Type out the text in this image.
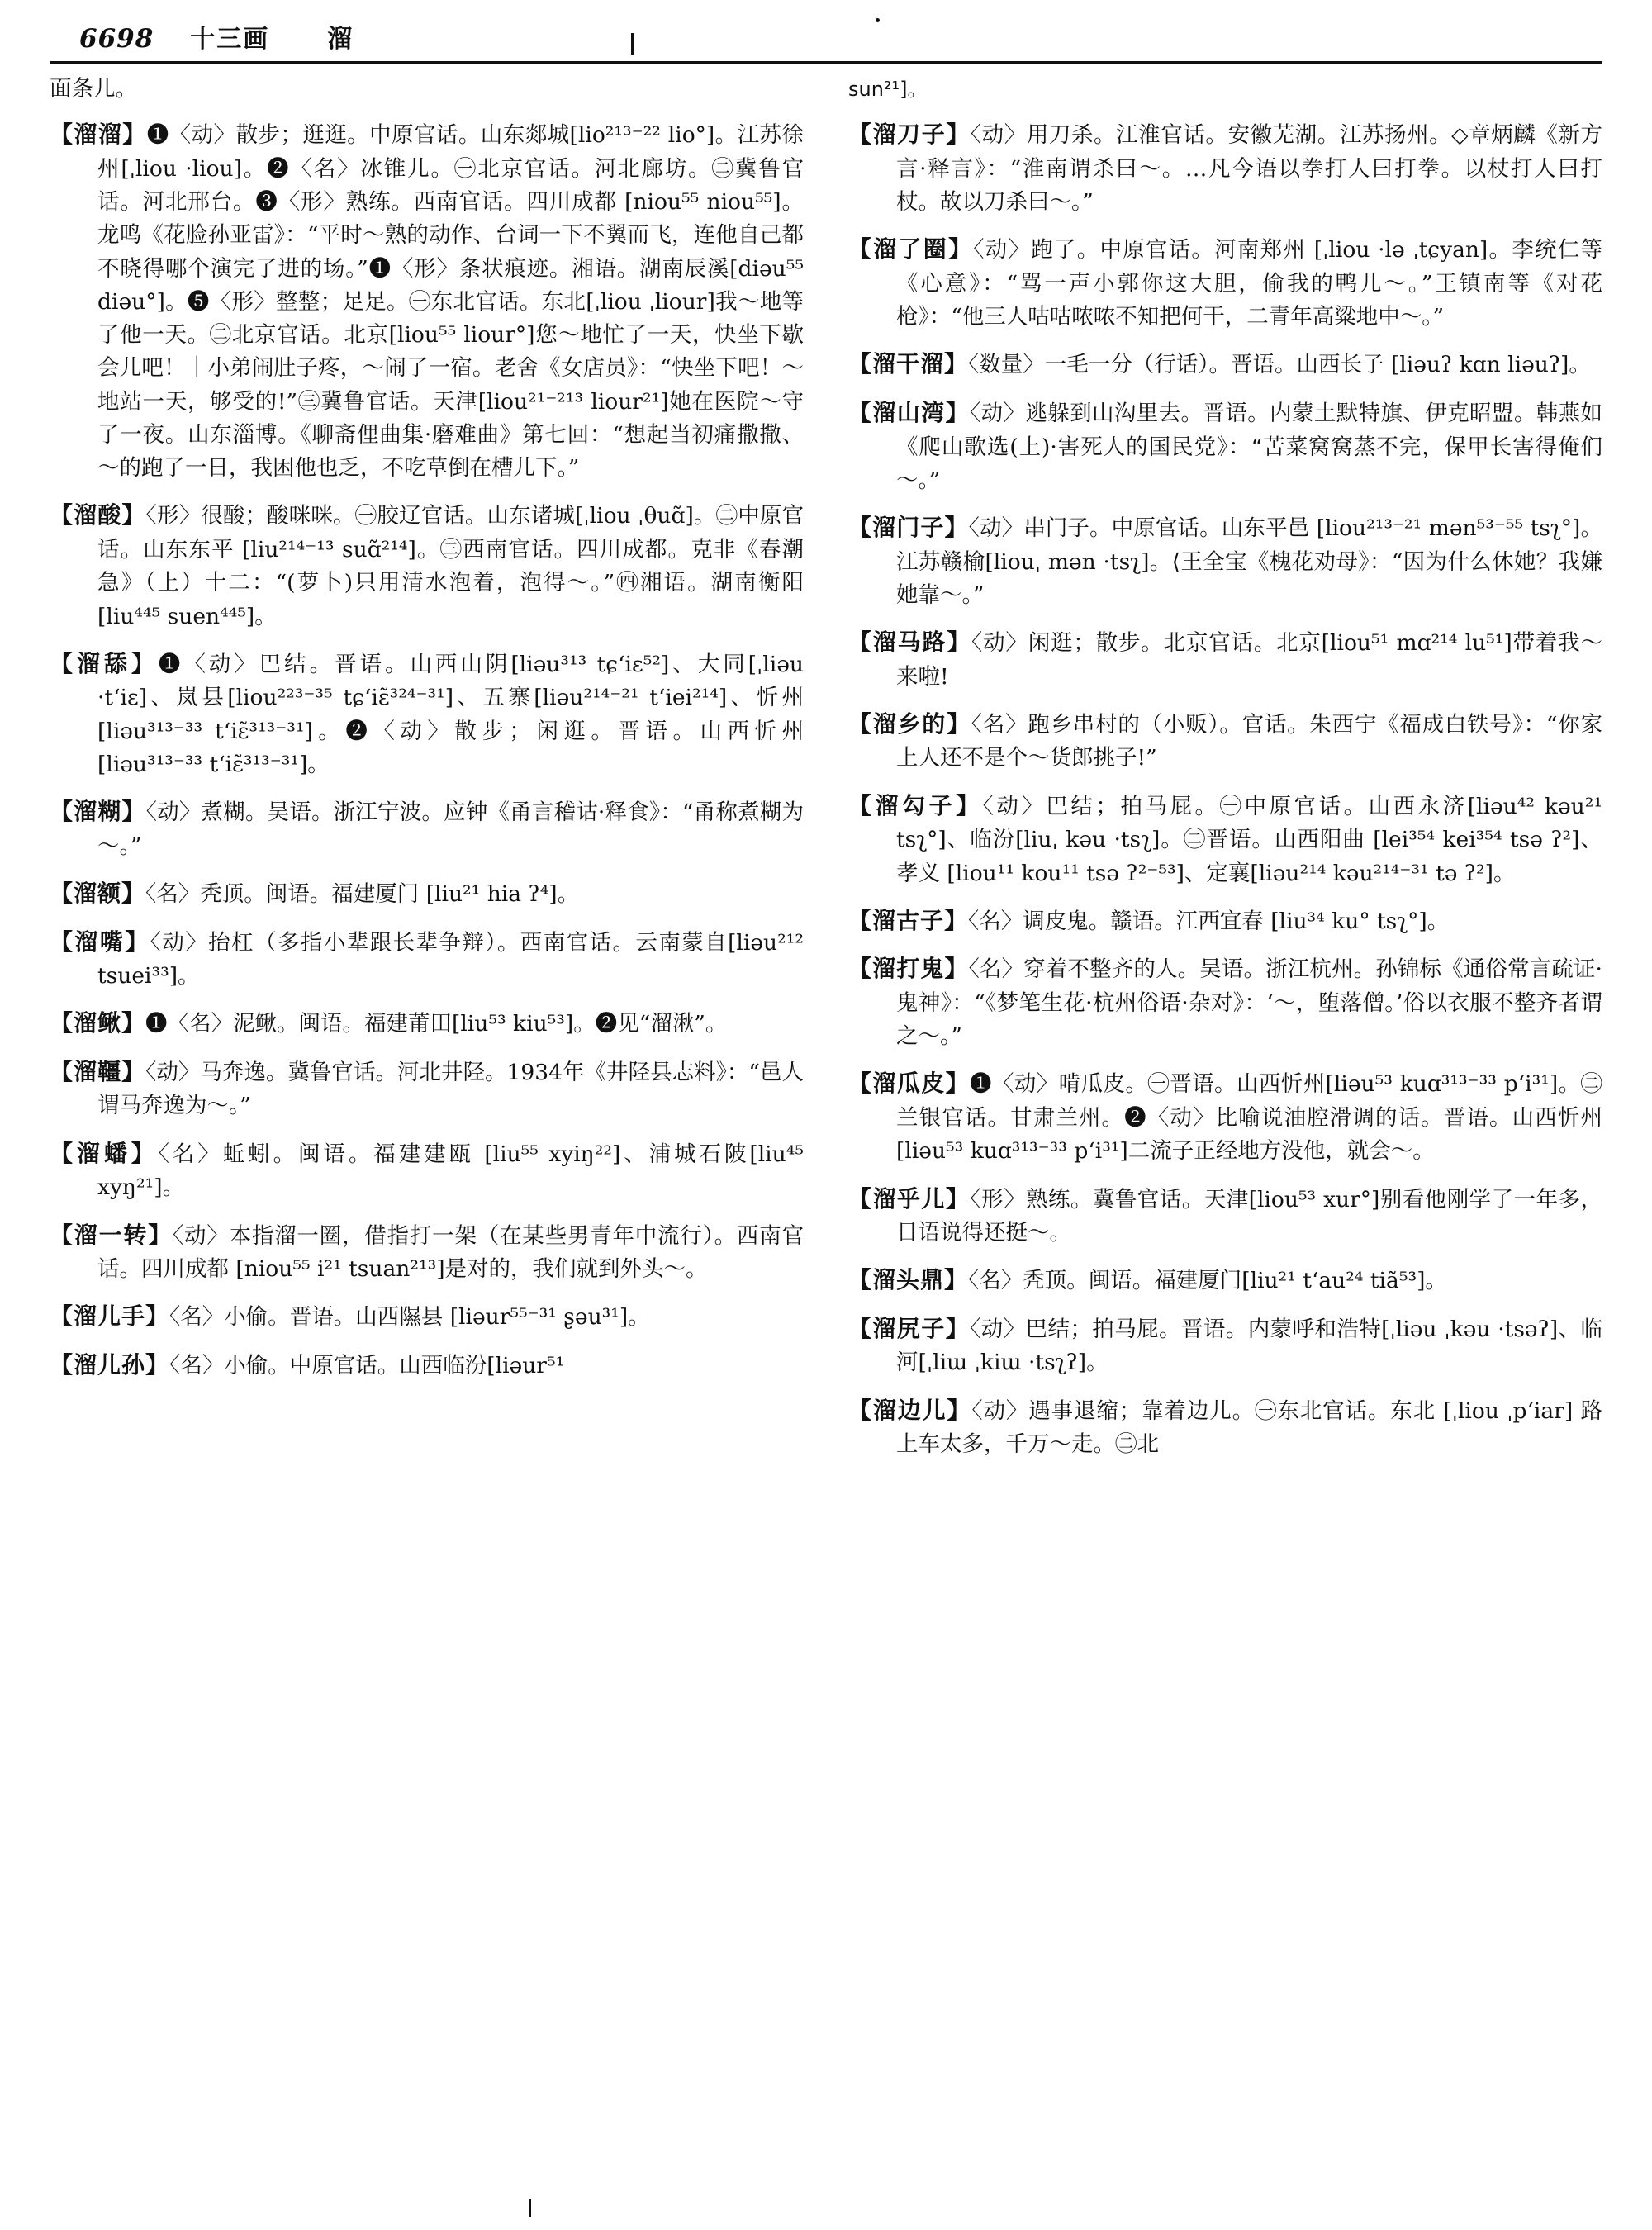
6698 十三画 溜

面条儿。

【溜溜】❶〈动〉散步；逛逛。中原官话。山东郯城[lio²¹³⁻²² lio°]。江苏徐州[ˌliou ·liou]。❷〈名〉冰锥儿。㊀北京官话。河北廊坊。㊁冀鲁官话。河北邢台。❸〈形〉熟练。西南官话。四川成都 [niou⁵⁵ niou⁵⁵]。龙鸣《花脸孙亚雷》：“平时～熟的动作、台词一下不翼而飞，连他自己都不晓得哪个演完了进的场。”❶〈形〉条状痕迹。湘语。湖南辰溪[diəu⁵⁵ diəu°]。❺〈形〉整整；足足。㊀东北官话。东北[ˌliou ˌliour]我～地等了他一天。㊁北京官话。北京[liou⁵⁵ liour°]您～地忙了一天，快坐下歇会儿吧！｜小弟闹肚子疼，～闹了一宿。老舍《女店员》：“快坐下吧！～地站一天，够受的!”㊂冀鲁官话。天津[liou²¹⁻²¹³ liour²¹]她在医院～守了一夜。山东淄博。《聊斋俚曲集·磨难曲》第七回：“想起当初痛撒撒、～的跑了一日，我困他也乏，不吃草倒在槽儿下。”

【溜酸】〈形〉很酸；酸咪咪。㊀胶辽官话。山东诸城[ˌliou ˌθuɑ̃]。㊁中原官话。山东东平 [liu²¹⁴⁻¹³ suɑ̃²¹⁴]。㊂西南官话。四川成都。克非《春潮急》（上）十二：“(萝卜)只用清水泡着，泡得～。”㊃湘语。湖南衡阳[liu⁴⁴⁵ suen⁴⁴⁵]。

【溜舔】❶〈动〉巴结。晋语。山西山阴[liəu³¹³ tɕ‘iɛ⁵²]、大同[ˌliəu ·t‘iɛ]、岚县[liou²²³⁻³⁵ tɕ‘iɛ̃³²⁴⁻³¹]、五寨[liəu²¹⁴⁻²¹ t‘iei²¹⁴]、忻州[liəu³¹³⁻³³ t‘iɛ̃³¹³⁻³¹]。❷〈动〉散步；闲逛。晋语。山西忻州 [liəu³¹³⁻³³ t‘iɛ̃³¹³⁻³¹]。

【溜糊】〈动〉煮糊。吴语。浙江宁波。应钟《甬言稽诂·释食》：“甬称煮糊为～。”

【溜额】〈名〉秃顶。闽语。福建厦门 [liu²¹ hia ʔ⁴]。

【溜嘴】〈动〉抬杠（多指小辈跟长辈争辩）。西南官话。云南蒙自[liəu²¹² tsuei³³]。

【溜鳅】❶〈名〉泥鳅。闽语。福建莆田[liu⁵³ kiu⁵³]。❷见“溜湫”。

【溜韁】〈动〉马奔逸。冀鲁官话。河北井陉。1934年《井陉县志料》：“邑人谓马奔逸为～。”

【溜蟠】〈名〉蚯蚓。闽语。福建建瓯 [liu⁵⁵ xyiŋ²²]、浦城石陂[liu⁴⁵ xyŋ²¹]。

【溜一转】〈动〉本指溜一圈，借指打一架（在某些男青年中流行）。西南官话。四川成都 [niou⁵⁵ i²¹ tsuan²¹³]是对的，我们就到外头～。

【溜儿手】〈名〉小偷。晋语。山西隰县 [liəur⁵⁵⁻³¹ ʂəu³¹]。

【溜儿孙】〈名〉小偷。中原官话。山西临汾[liəur⁵¹

sun²¹]。

【溜刀子】〈动〉用刀杀。江淮官话。安徽芜湖。江苏扬州。◇章炳麟《新方言·释言》：“淮南谓杀曰～。…凡今语以拳打人曰打拳。以杖打人曰打杖。故以刀杀曰～。”

【溜了圈】〈动〉跑了。中原官话。河南郑州 [ˌliou ·lə ˌtɕyan]。李统仁等《心意》：“骂一声小郭你这大胆，偷我的鸭儿～。”王镇南等《对花枪》：“他三人咕咕哝哝不知把何干，二青年高粱地中～。”

【溜干溜】〈数量〉一毛一分（行话）。晋语。山西长子 [liəuʔ kɑn liəuʔ]。

【溜山湾】〈动〉逃躲到山沟里去。晋语。内蒙土默特旗、伊克昭盟。韩燕如《爬山歌选(上)·害死人的国民党》：“苦菜窝窝蒸不完，保甲长害得俺们～。”

【溜门子】〈动〉串门子。中原官话。山东平邑 [liou²¹³⁻²¹ mən⁵³⁻⁵⁵ tsʅ°]。江苏赣榆[liouˌ mən ·tsʅ]。⟨王全宝《槐花劝母》：“因为什么休她？我嫌她靠～。”

【溜马路】〈动〉闲逛；散步。北京官话。北京[liou⁵¹ mɑ²¹⁴ lu⁵¹]带着我～来啦!

【溜乡的】〈名〉跑乡串村的（小贩）。官话。朱西宁《福成白铁号》：“你家上人还不是个～货郎挑子!”

【溜勾子】〈动〉巴结；拍马屁。㊀中原官话。山西永济[liəu⁴² kəu²¹ tsʅ°]、临汾[liuˌ kəu ·tsʅ]。㊁晋语。山西阳曲 [lei³⁵⁴ kei³⁵⁴ tsə ʔ²]、孝义 [liou¹¹ kou¹¹ tsə ʔ²⁻⁵³]、定襄[liəu²¹⁴ kəu²¹⁴⁻³¹ tə ʔ²]。

【溜古子】〈名〉调皮鬼。赣语。江西宜春 [liu³⁴ ku° tsʅ°]。

【溜打鬼】〈名〉穿着不整齐的人。吴语。浙江杭州。孙锦标《通俗常言疏证·鬼神》：“《梦笔生花·杭州俗语·杂对》：‘～，堕落僧。’俗以衣服不整齐者谓之～。”

【溜瓜皮】❶〈动〉啃瓜皮。㊀晋语。山西忻州[liəu⁵³ kuɑ³¹³⁻³³ p‘i³¹]。㊁兰银官话。甘肃兰州。❷〈动〉比喻说油腔滑调的话。晋语。山西忻州 [liəu⁵³ kuɑ³¹³⁻³³ p‘i³¹]二流子正经地方没他，就会～。

【溜乎儿】〈形〉熟练。冀鲁官话。天津[liou⁵³ xur°]别看他刚学了一年多，日语说得还挺～。

【溜头鼎】〈名〉秃顶。闽语。福建厦门[liu²¹ t‘au²⁴ tiã⁵³]。

【溜尻子】〈动〉巴结；拍马屁。晋语。内蒙呼和浩特[ˌliəu ˌkəu ·tsəʔ]、临河[ˌliɯ ˌkiɯ ·tsʅʔ]。

【溜边儿】〈动〉遇事退缩；靠着边儿。㊀东北官话。东北 [ˌliou ˌp‘iar] 路上车太多，千万～走。㊁北
